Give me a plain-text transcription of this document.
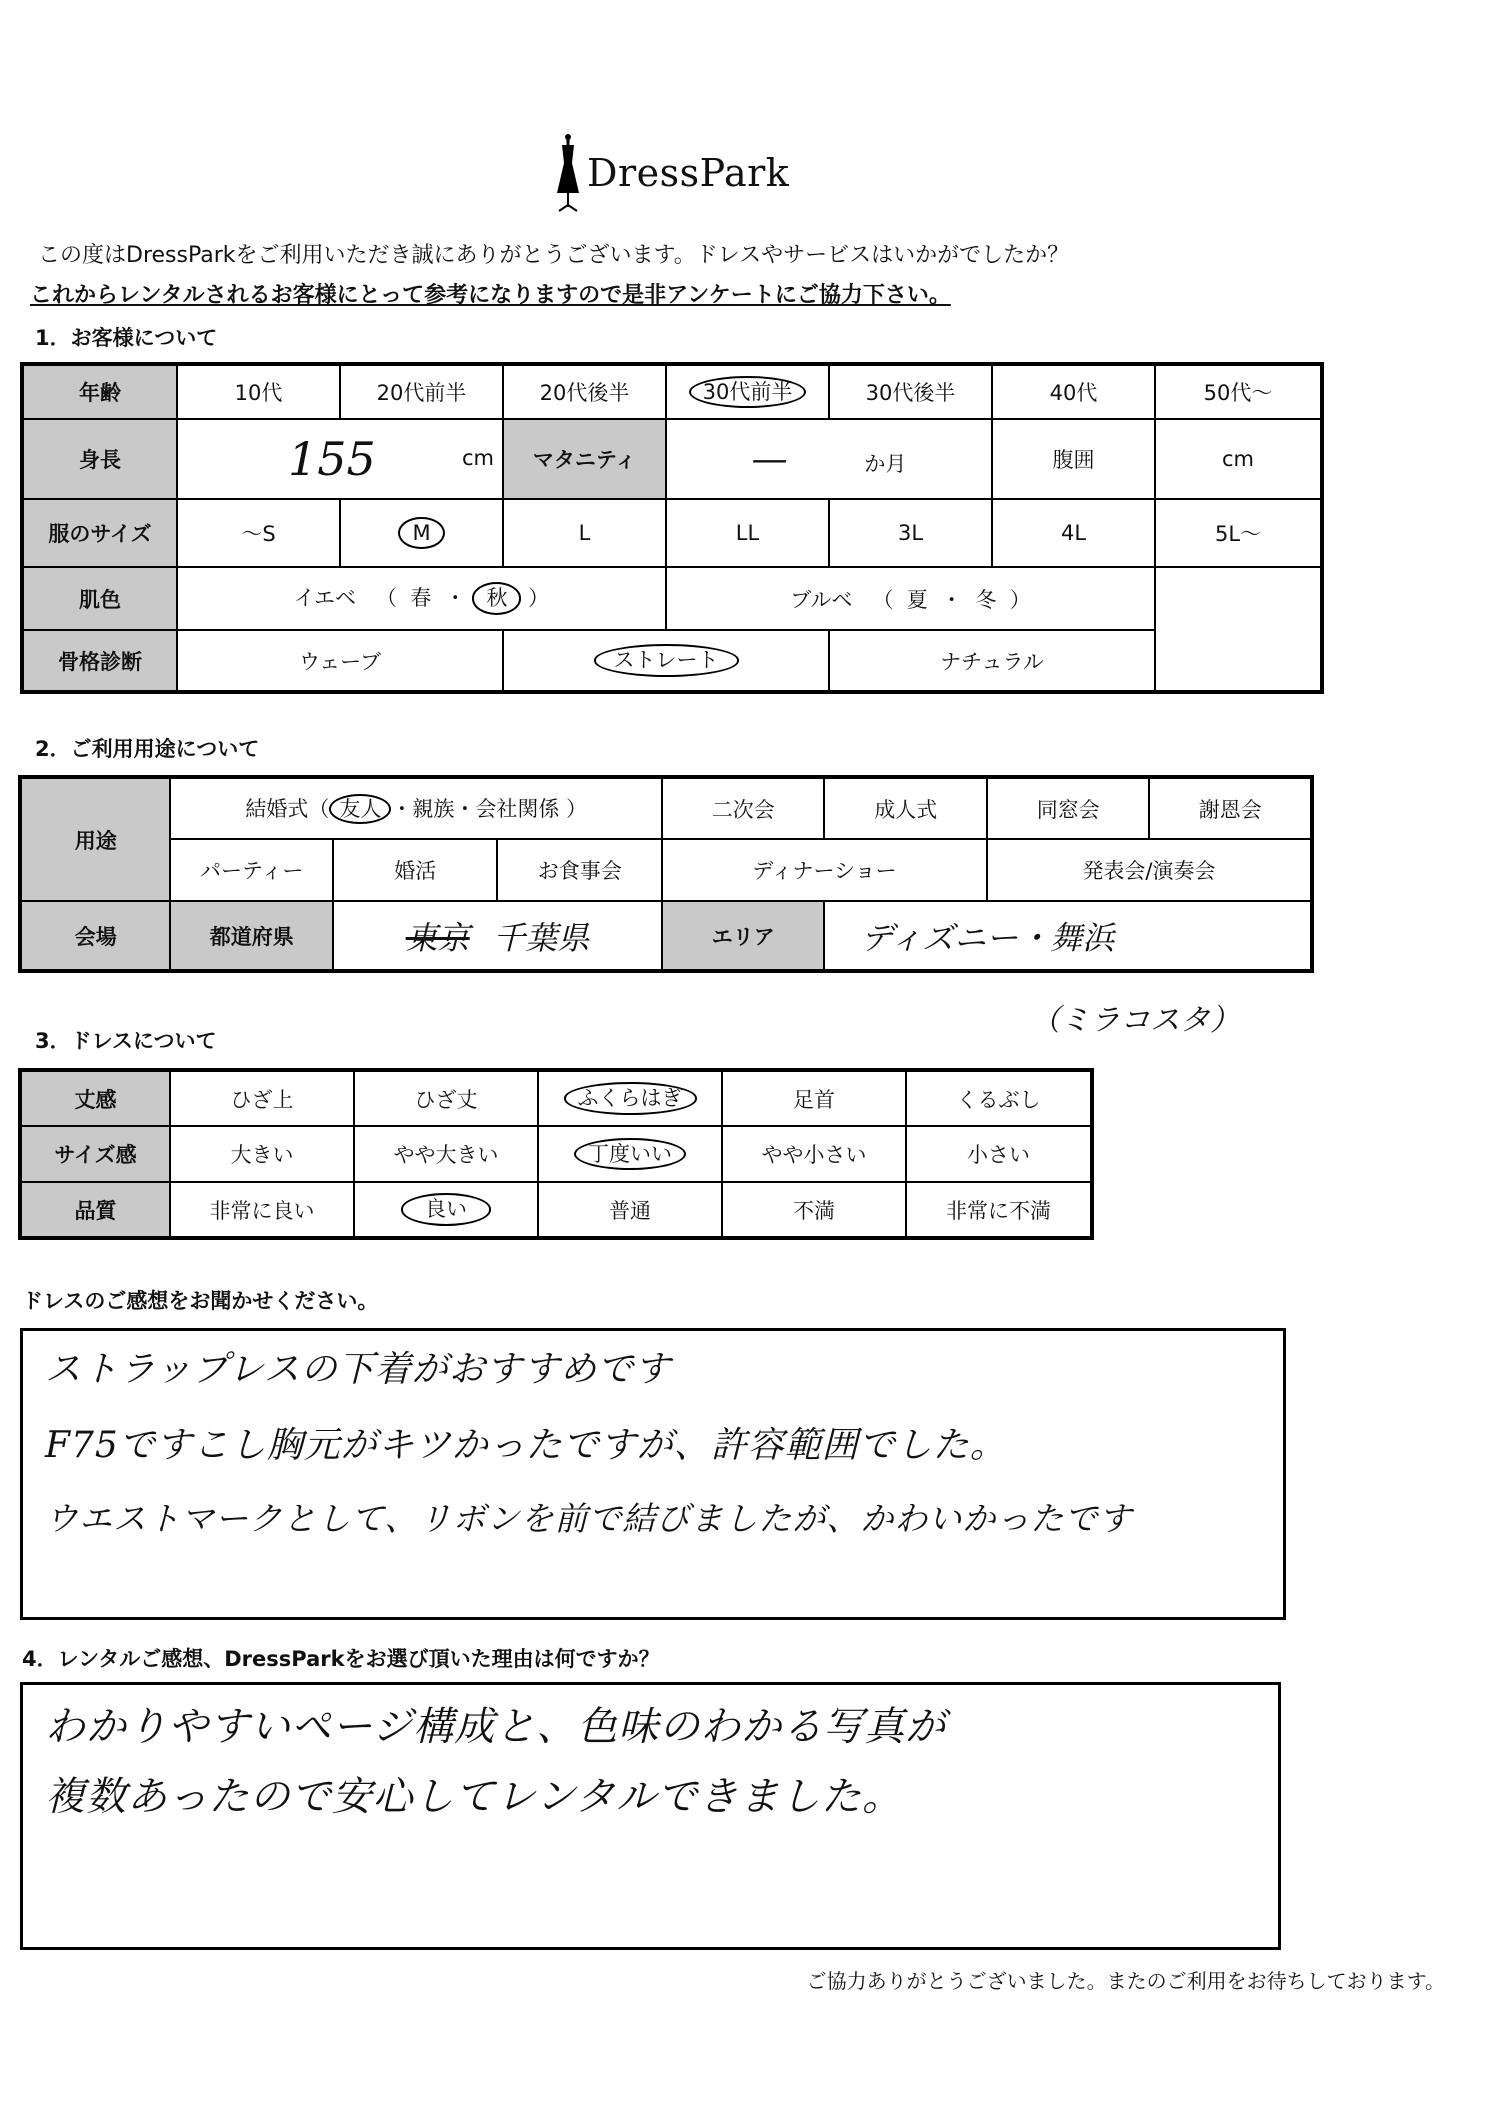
DressPark
この度はDressParkをご利用いただき誠にありがとうございます。ドレスやサービスはいかがでしたか？
これからレンタルされるお客様にとって参考になりますので是非アンケートにご協力下さい。
1．お客様について
年齢	10代	20代前半	20代後半	30代前半	30代後半	40代	50代～
身長	155 cm		マタニティ	— か月		腹囲	cm
服のサイズ	～S	M	L	LL	3L	4L	5L～
肌色	イエベ   （  春  ・ 秋 ）			ブルベ   （  夏  ・  冬  ）			
骨格診断	ウェーブ		ストレート		ナチュラル		
2．ご利用用途について
用途	結婚式（ 友人 ・親族・会社関係 ）			二次会	成人式	同窓会	謝恩会
	パーティー	婚活	お食事会	ディナーショー		発表会/演奏会	
会場	都道府県	東京 千葉県		エリア	ディズニー・舞浜		
（ミラコスタ）
3．ドレスについて
丈感	ひざ上	ひざ丈	ふくらはぎ	足首	くるぶし
サイズ感	大きい	やや大きい	丁度いい	やや小さい	小さい
品質	非常に良い	良い	普通	不満	非常に不満
ドレスのご感想をお聞かせください。
ストラップレスの下着がおすすめです
F75ですこし胸元がキツかったですが、許容範囲でした。
ウエストマークとして、リボンを前で結びましたが、かわいかったです
4．レンタルご感想、DressParkをお選び頂いた理由は何ですか？
わかりやすいページ構成と、色味のわかる写真が
複数あったので安心してレンタルできました。
ご協力ありがとうございました。またのご利用をお待ちしております。
